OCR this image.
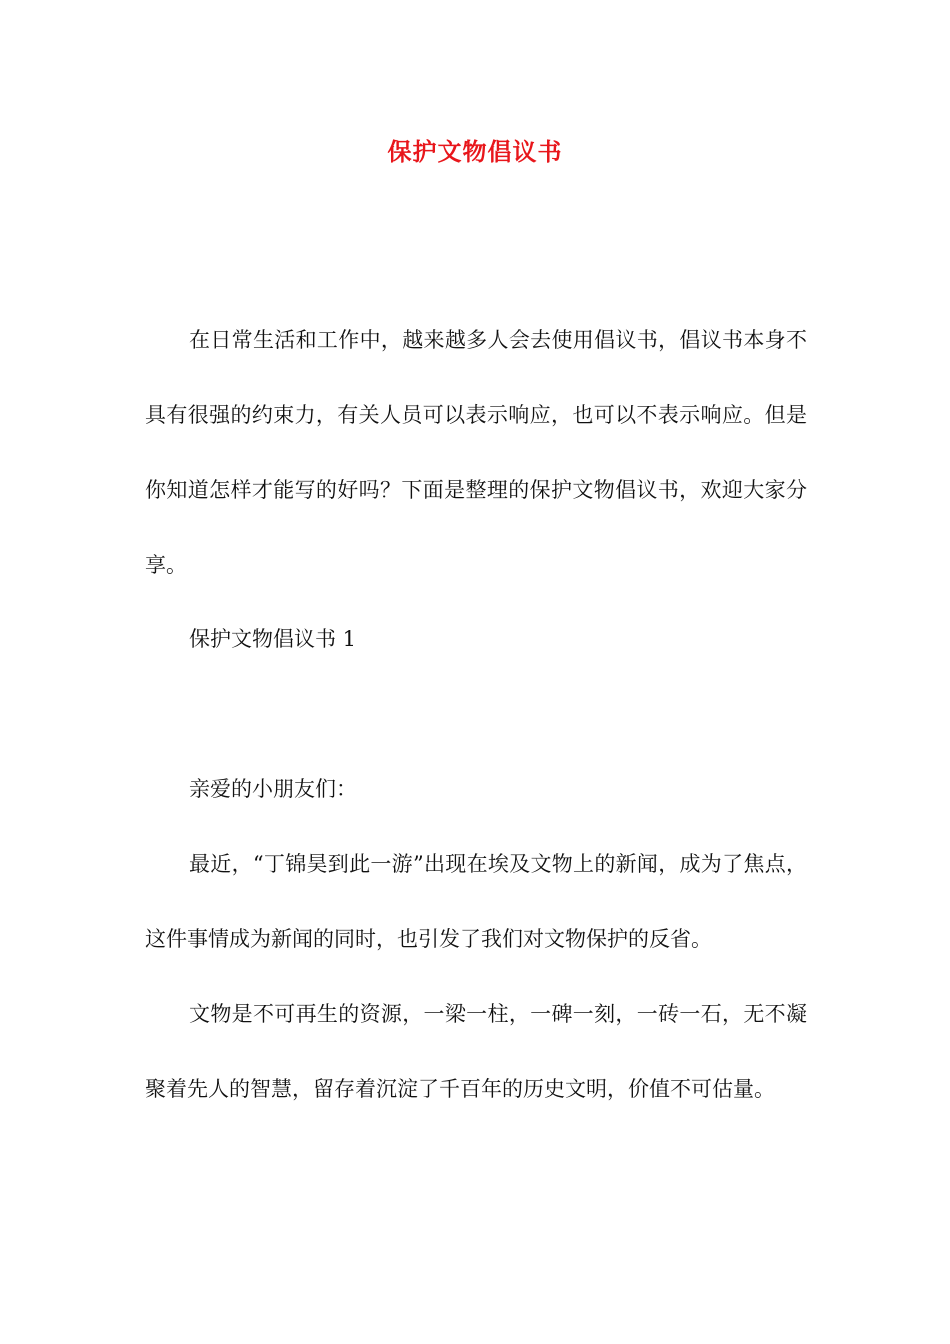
保护文物倡议书
在日常生活和工作中，越来越多人会去使用倡议书，倡议书本身不具有很强的约束力，有关人员可以表示响应，也可以不表示响应。但是你知道怎样才能写的好吗？下面是整理的保护文物倡议书，欢迎大家分享。
保护文物倡议书 1
亲爱的小朋友们：
最近，“丁锦昊到此一游”出现在埃及文物上的新闻，成为了焦点，这件事情成为新闻的同时，也引发了我们对文物保护的反省。
文物是不可再生的资源，一梁一柱，一碑一刻，一砖一石，无不凝聚着先人的智慧，留存着沉淀了千百年的历史文明，价值不可估量。
